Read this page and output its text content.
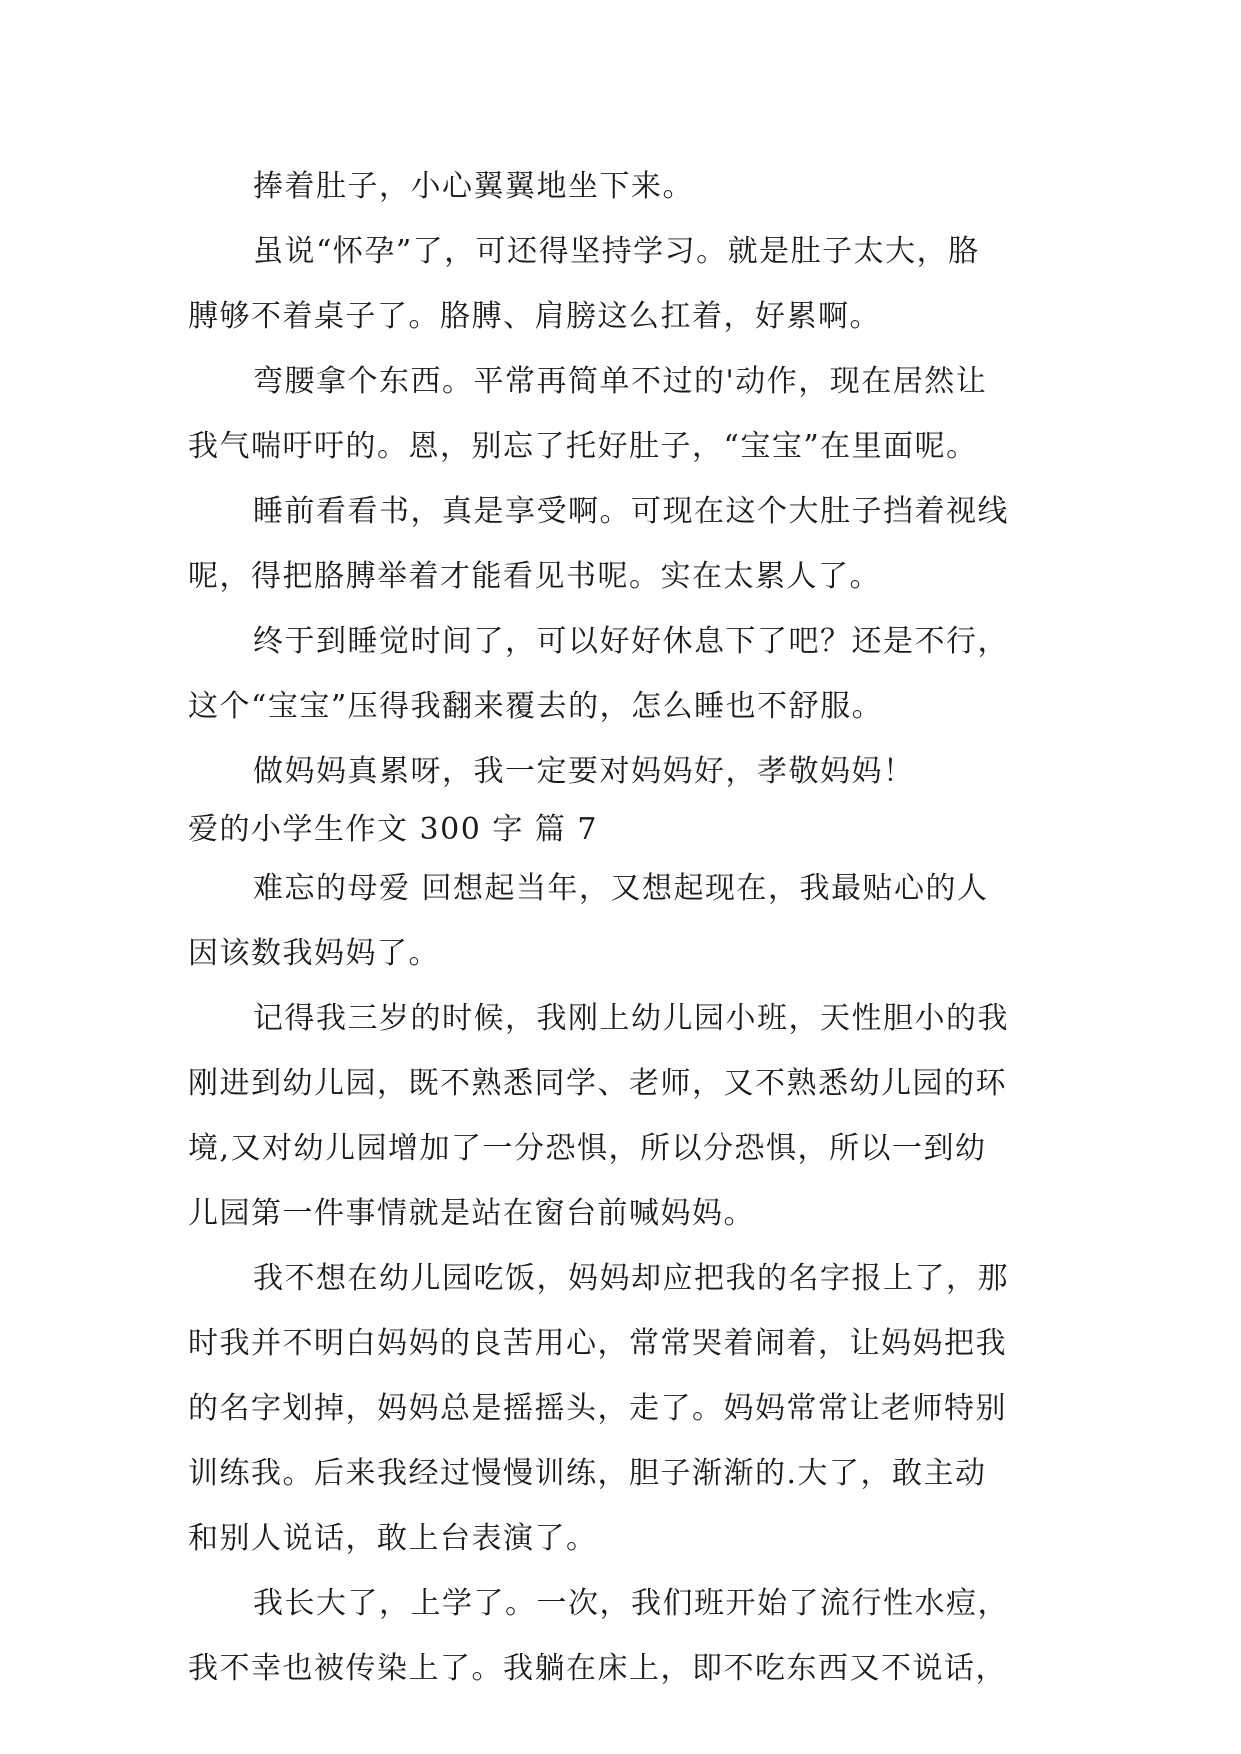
捧着肚子，小心翼翼地坐下来。
虽说“怀孕”了，可还得坚持学习。就是肚子太大，胳
膊够不着桌子了。胳膊、肩膀这么扛着，好累啊。
弯腰拿个东西。平常再简单不过的'动作，现在居然让
我气喘吁吁的。恩，别忘了托好肚子，“宝宝”在里面呢。
睡前看看书，真是享受啊。可现在这个大肚子挡着视线
呢，得把胳膊举着才能看见书呢。实在太累人了。
终于到睡觉时间了，可以好好休息下了吧？还是不行，
这个“宝宝”压得我翻来覆去的，怎么睡也不舒服。
做妈妈真累呀，我一定要对妈妈好，孝敬妈妈！
爱的小学生作文 300 字 篇 7
难忘的母爱 回想起当年，又想起现在，我最贴心的人
因该数我妈妈了。
记得我三岁的时候，我刚上幼儿园小班，天性胆小的我
刚进到幼儿园，既不熟悉同学、老师，又不熟悉幼儿园的环
境,又对幼儿园增加了一分恐惧，所以分恐惧，所以一到幼
儿园第一件事情就是站在窗台前喊妈妈。
我不想在幼儿园吃饭，妈妈却应把我的名字报上了，那
时我并不明白妈妈的良苦用心，常常哭着闹着，让妈妈把我
的名字划掉，妈妈总是摇摇头，走了。妈妈常常让老师特别
训练我。后来我经过慢慢训练，胆子渐渐的.大了，敢主动
和别人说话，敢上台表演了。
我长大了，上学了。一次，我们班开始了流行性水痘，
我不幸也被传染上了。我躺在床上，即不吃东西又不说话，
